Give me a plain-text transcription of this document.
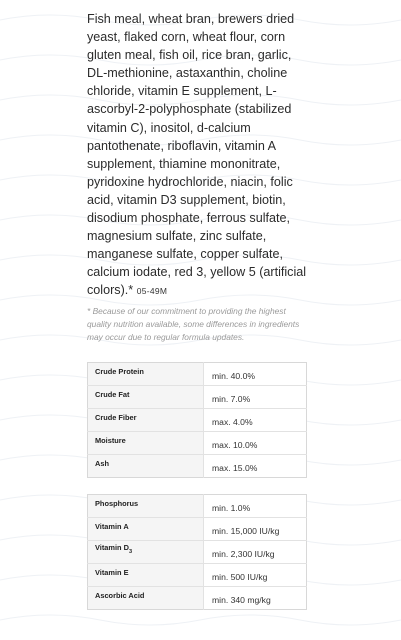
Fish meal, wheat bran, brewers dried yeast, flaked corn, wheat flour, corn gluten meal, fish oil, rice bran, garlic, DL-methionine, astaxanthin, choline chloride, vitamin E supplement, L-ascorbyl-2-polyphosphate (stabilized vitamin C), inositol, d-calcium pantothenate, riboflavin, vitamin A supplement, thiamine mononitrate, pyridoxine hydrochloride, niacin, folic acid, vitamin D3 supplement, biotin, disodium phosphate, ferrous sulfate, magnesium sulfate, zinc sulfate, manganese sulfate, copper sulfate, calcium iodate, red 3, yellow 5 (artificial colors).* 05-49M

* Because of our commitment to providing the highest quality nutrition available, some differences in ingredients may occur due to regular formula updates.

Crude Protein	min. 40.0%
Crude Fat	min. 7.0%
Crude Fiber	max. 4.0%
Moisture	max. 10.0%
Ash	max. 15.0%
Phosphorus	min. 1.0%
Vitamin A	min. 15,000 IU/kg
Vitamin $D_3$	min. 2,300 IU/kg
Vitamin E	min. 500 IU/kg
Ascorbic Acid	min. 340 mg/kg
